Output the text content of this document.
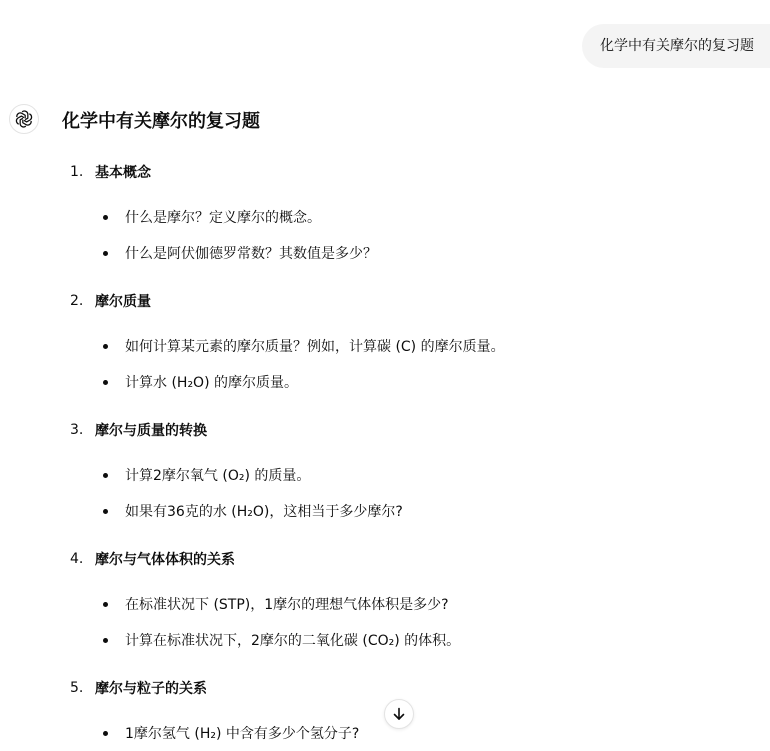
化学中有关摩尔的复习题
化学中有关摩尔的复习题
1. 基本概念
什么是摩尔？定义摩尔的概念。
什么是阿伏伽德罗常数？其数值是多少？
2. 摩尔质量
如何计算某元素的摩尔质量？例如，计算碳 (C) 的摩尔质量。
计算水 (H₂O) 的摩尔质量。
3. 摩尔与质量的转换
计算2摩尔氧气 (O₂) 的质量。
如果有36克的水 (H₂O)，这相当于多少摩尔?
4. 摩尔与气体体积的关系
在标准状况下 (STP)，1摩尔的理想气体体积是多少?
计算在标准状况下，2摩尔的二氧化碳 (CO₂) 的体积。
5. 摩尔与粒子的关系
1摩尔氢气 (H₂) 中含有多少个氢分子?
